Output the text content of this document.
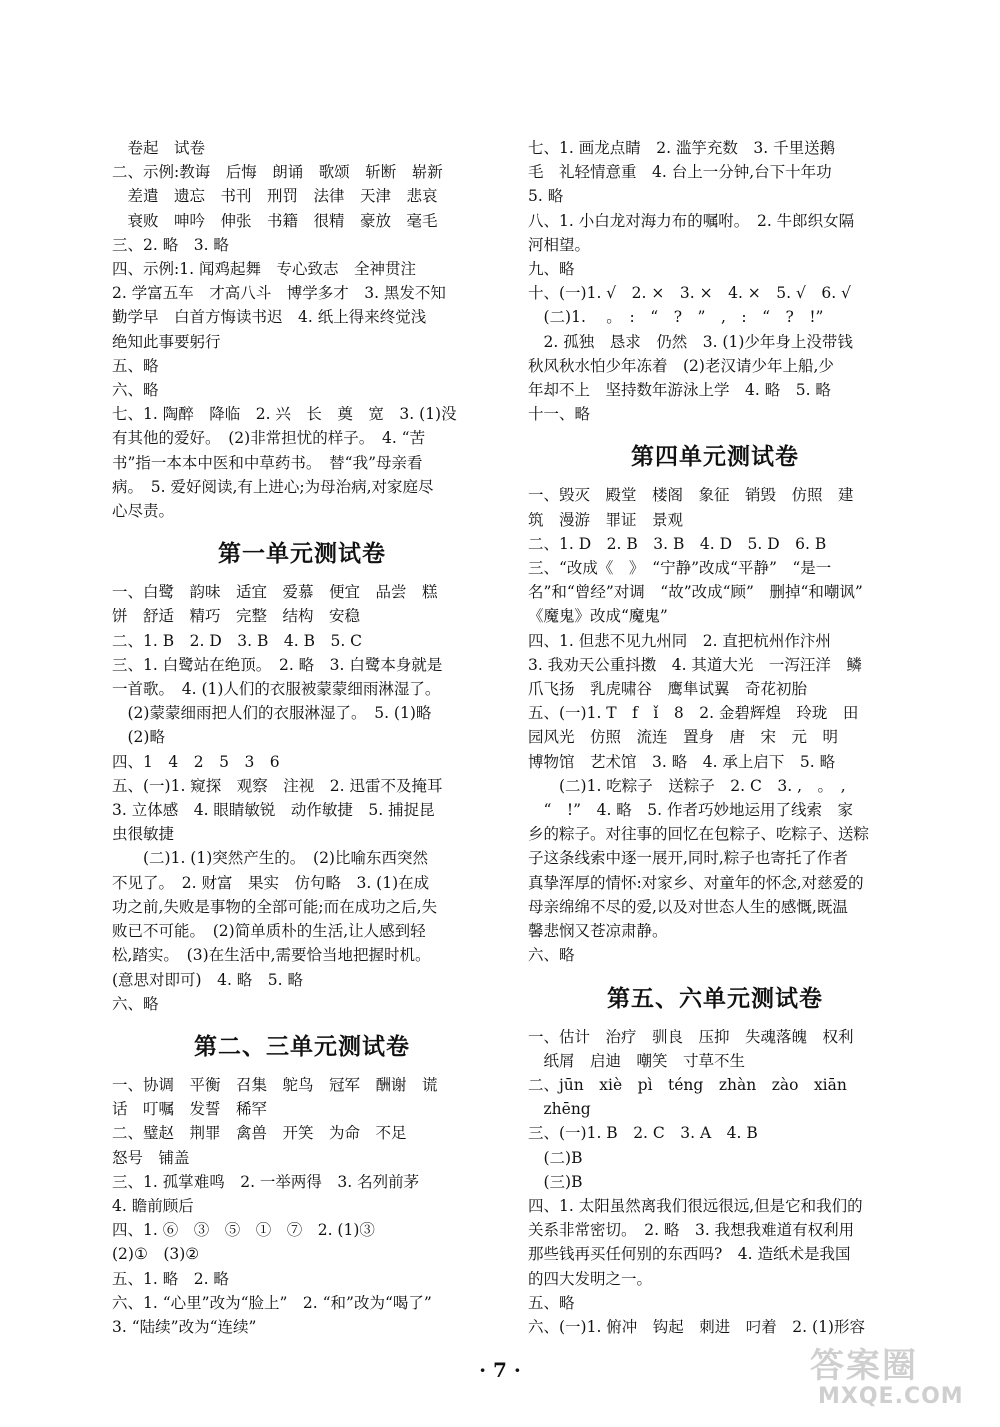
　卷起　试卷
二、示例:教诲　后悔　朗诵　歌颂　斩断　崭新
　差遣　遗忘　书刊　刑罚　法律　天津　悲哀
　衰败　呻吟　伸张　书籍　很精　豪放　毫毛
三、2. 略　3. 略
四、示例:1. 闻鸡起舞　专心致志　全神贯注
2. 学富五车　才高八斗　博学多才　3. 黑发不知
勤学早　白首方悔读书迟　4. 纸上得来终觉浅
绝知此事要躬行
五、略
六、略
七、1. 陶醉　降临　2. 兴　长　奠　宽　3. (1)没
有其他的爱好。　(2)非常担忧的样子。　4. “苦
书”指一本本中医和中草药书。　替“我”母亲看
病。　5. 爱好阅读,有上进心;为母治病,对家庭尽
心尽责。
第一单元测试卷
一、白鹭　韵味　适宜　爱慕　便宜　品尝　糕
饼　舒适　精巧　完整　结构　安稳
二、1. B　2. D　3. B　4. B　5. C
三、1. 白鹭站在绝顶。　2. 略　3. 白鹭本身就是
一首歌。　4. (1)人们的衣服被蒙蒙细雨淋湿了。
　(2)蒙蒙细雨把人们的衣服淋湿了。　5. (1)略
　(2)略
四、1　4　2　5　3　6
五、(一)1. 窥探　观察　注视　2. 迅雷不及掩耳
3. 立体感　4. 眼睛敏锐　动作敏捷　5. 捕捉昆
虫很敏捷
　　(二)1. (1)突然产生的。　(2)比喻东西突然
不见了。　2. 财富　果实　仿句略　3. (1)在成
功之前,失败是事物的全部可能;而在成功之后,失
败已不可能。　(2)简单质朴的生活,让人感到轻
松,踏实。　(3)在生活中,需要恰当地把握时机。
(意思对即可)　4. 略　5. 略
六、略
第二、三单元测试卷
一、协调　平衡　召集　鸵鸟　冠军　酬谢　谎
话　叮嘱　发誓　稀罕
二、璧赵　荆罪　禽兽　开笑　为命　不足
怒号　铺盖
三、1. 孤掌难鸣　2. 一举两得　3. 名列前茅
4. 瞻前顾后
四、1. ⑥　③　⑤　①　⑦　2. (1)③
(2)①　(3)②
五、1. 略　2. 略
六、1. “心里”改为“脸上”　2. “和”改为“喝了”
3. “陆续”改为“连续”
七、1. 画龙点睛　2. 滥竽充数　3. 千里送鹅
毛　礼轻情意重　4. 台上一分钟,台下十年功
5. 略
八、1. 小白龙对海力布的嘱咐。　2. 牛郎织女隔
河相望。
九、略
十、(一)1. √　2. ×　3. ×　4. ×　5. √　6. √
　(二)1. 　。　:　“　?　”　,　:　“　?　!”
　2. 孤独　恳求　仍然　3. (1)少年身上没带钱
秋风秋水怕少年冻着　(2)老汉请少年上船,少
年却不上　坚持数年游泳上学　4. 略　5. 略
十一、略
第四单元测试卷
一、毁灭　殿堂　楼阁　象征　销毁　仿照　建
筑　漫游　罪证　景观
二、1. D　2. B　3. B　4. D　5. D　6. B
三、“改成《　》　“宁静”改成“平静”　“是一
名”和“曾经”对调　“故”改成“顾”　删掉“和嘲讽”
《魔鬼》改成“魔鬼”
四、1. 但悲不见九州同　2. 直把杭州作汴州
3. 我劝天公重抖擞　4. 其道大光　一泻汪洋　鳞
爪飞扬　乳虎啸谷　鹰隼试翼　奇花初胎
五、(一)1. T　f　ǐ　8　2. 金碧辉煌　玲珑　田
园风光　仿照　流连　置身　唐　宋　元　明
博物馆　艺术馆　3. 略　4. 承上启下　5. 略
　　(二)1. 吃粽子　送粽子　2. C　3. ,　。　,
　“　!”　4. 略　5. 作者巧妙地运用了线索　家
乡的粽子。对往事的回忆在包粽子、吃粽子、送粽
子这条线索中逐一展开,同时,粽子也寄托了作者
真挚浑厚的情怀:对家乡、对童年的怀念,对慈爱的
母亲绵绵不尽的爱,以及对世态人生的感慨,既温
馨悲悯又苍凉肃静。
六、略
第五、六单元测试卷
一、估计　治疗　驯良　压抑　失魂落魄　权利
　纸屑　启迪　嘲笑　寸草不生
二、jūn　xiè　pì　téng　zhàn　zào　xiān
　zhēng
三、(一)1. B　2. C　3. A　4. B
　(二)B
　(三)B
四、1. 太阳虽然离我们很远很远,但是它和我们的
关系非常密切。　2. 略　3. 我想我难道有权利用
那些钱再买任何别的东西吗?　4. 造纸术是我国
的四大发明之一。
五、略
六、(一)1. 俯冲　钩起　刺进　叼着　2. (1)形容
· 7 ·	答案圈
MXQE.COM
